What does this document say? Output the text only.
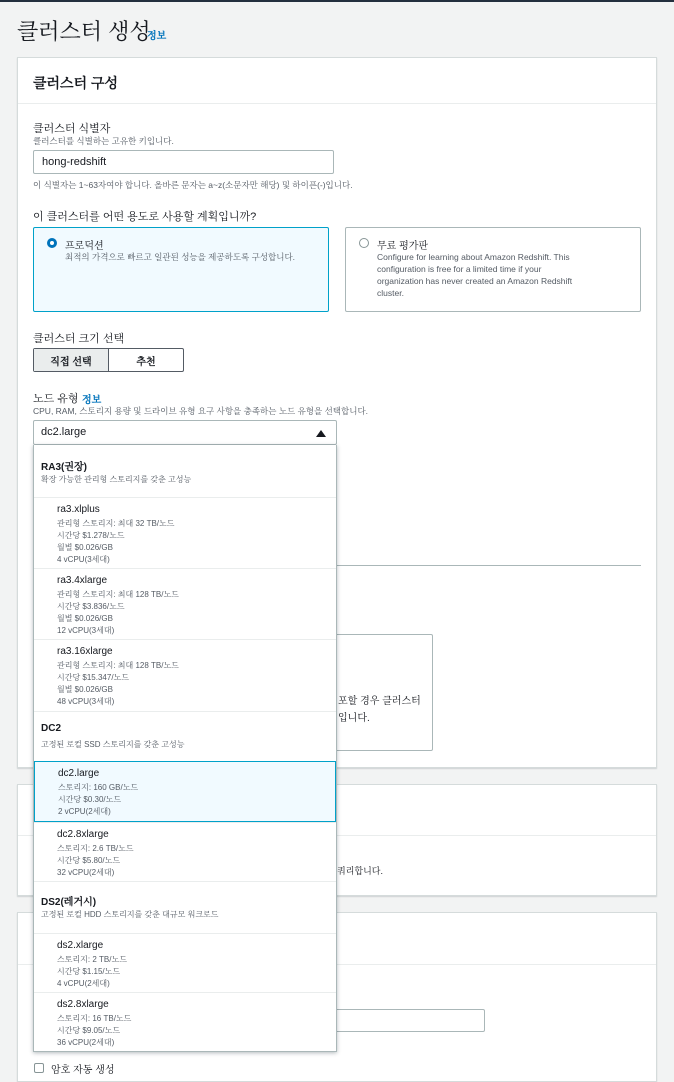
클러스터 생성
정보
클러스터 구성
클러스터 식별자
클러스터를 식별하는 고유한 키입니다.
hong-redshift
이 식별자는 1~63자여야 합니다. 올바른 문자는 a~z(소문자만 해당) 및 하이픈(-)입니다.
이 클러스터를 어떤 용도로 사용할 계획입니까?
프로덕션
최적의 가격으로 빠르고 일관된 성능을 제공하도록 구성합니다.
무료 평가판
Configure for learning about Amazon Redshift. This
configuration is free for a limited time if your
organization has never created an Amazon Redshift
cluster.
클러스터 크기 선택
직접 선택	추천
노드 유형 정보
CPU, RAM, 스토리지 용량 및 드라이브 유형 요구 사항을 충족하는 노드 유형을 선택합니다.
dc2.large
포할 경우 클러스터
입니다.
쿼리합니다.
암호 자동 생성
RA3(권장)
확장 가능한 관리형 스토리지를 갖춘 고성능
ra3.xlplus
관리형 스토리지: 최대 32 TB/노드
시간당 $1.278/노드
월별 $0.026/GB
4 vCPU(3세대)
ra3.4xlarge
관리형 스토리지: 최대 128 TB/노드
시간당 $3.836/노드
월별 $0.026/GB
12 vCPU(3세대)
ra3.16xlarge
관리형 스토리지: 최대 128 TB/노드
시간당 $15.347/노드
월별 $0.026/GB
48 vCPU(3세대)
DC2
고정된 로컬 SSD 스토리지를 갖춘 고성능
dc2.large
스토리지: 160 GB/노드
시간당 $0.30/노드
2 vCPU(2세대)
dc2.8xlarge
스토리지: 2.6 TB/노드
시간당 $5.80/노드
32 vCPU(2세대)
DS2(레거시)
고정된 로컬 HDD 스토리지를 갖춘 대규모 워크로드
ds2.xlarge
스토리지: 2 TB/노드
시간당 $1.15/노드
4 vCPU(2세대)
ds2.8xlarge
스토리지: 16 TB/노드
시간당 $9.05/노드
36 vCPU(2세대)
